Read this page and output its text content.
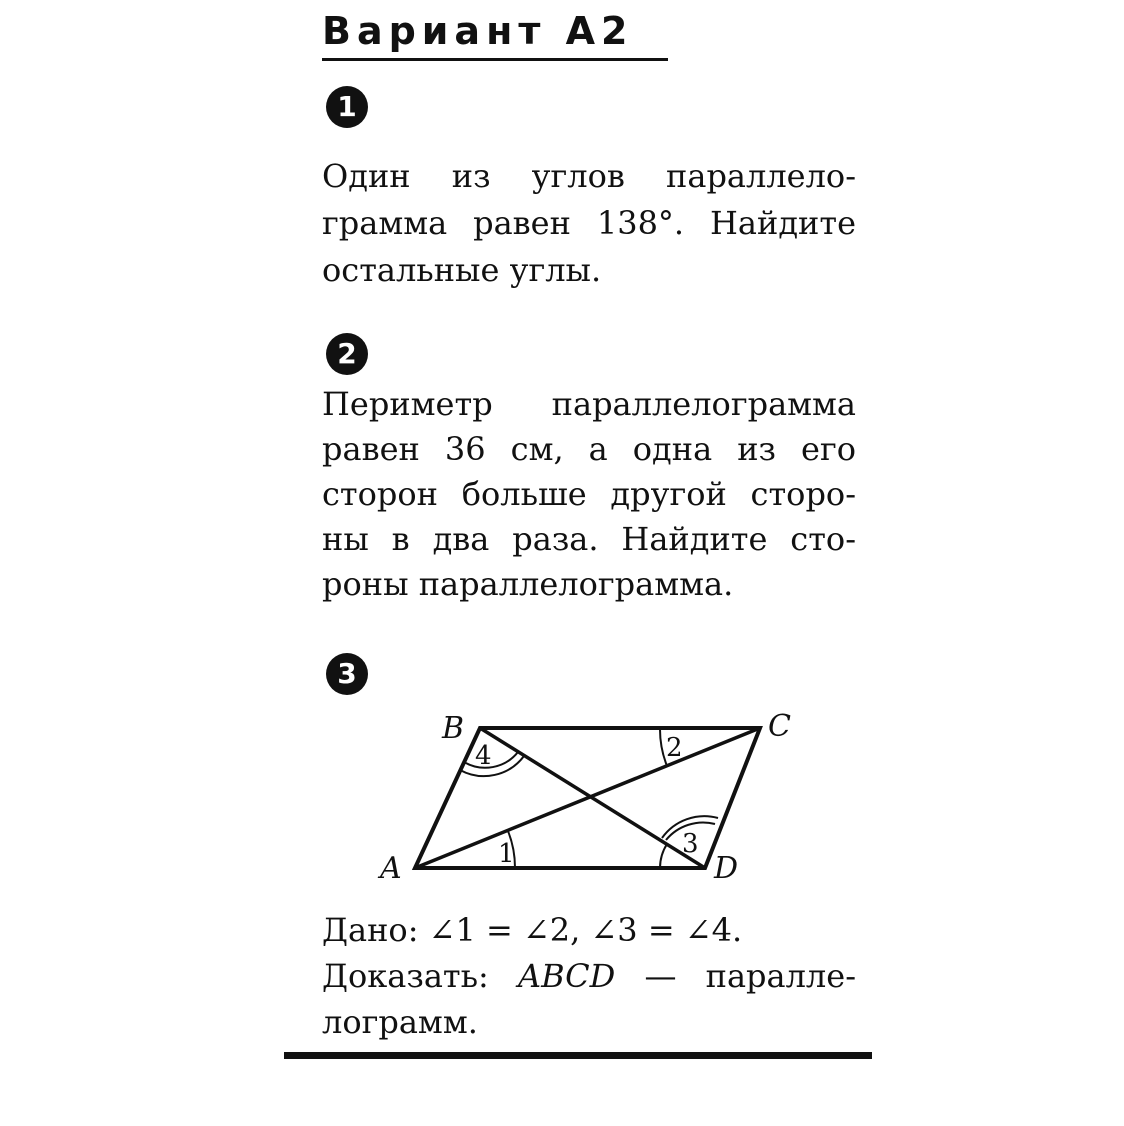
Вариант А2
1
Один из углов параллело-
грамма равен 138°. Найдите
остальные углы.
2
Периметр параллелограмма
равен 36 см, а одна из его
сторон больше другой сторо-
ны в два раза. Найдите сто-
роны параллелограмма.
3
A
B	C
D
1
2
3
4
Дано: ∠1 = ∠2, ∠3 = ∠4.
Доказать: ABCD — паралле-
лограмм.
